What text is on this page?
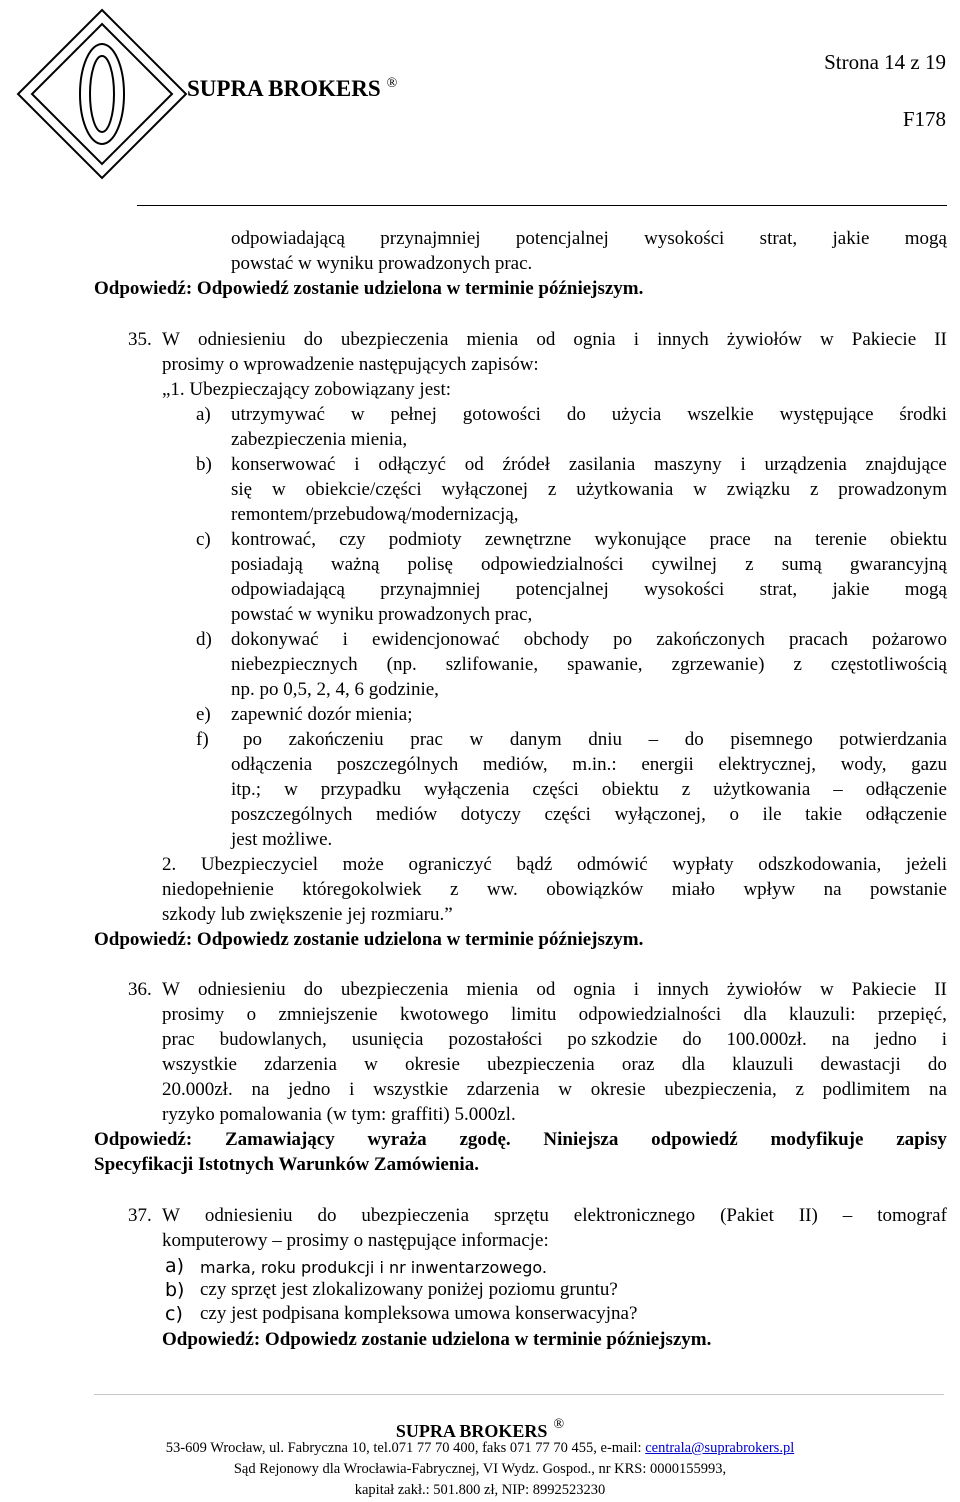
SUPRA BROKERS ®
Strona 14 z 19
F178
odpowiadającą przynajmniej potencjalnej wysokości strat, jakie mogą
powstać w wyniku prowadzonych prac.
Odpowiedź: Odpowiedź zostanie udzielona w terminie późniejszym.
35. W odniesieniu do ubezpieczenia mienia od ognia i innych żywiołów w Pakiecie II
prosimy o wprowadzenie następujących zapisów:
„1. Ubezpieczający zobowiązany jest:
a) utrzymywać w pełnej gotowości do użycia wszelkie występujące środki
zabezpieczenia mienia,
b) konserwować i odłączyć od źródeł zasilania maszyny i urządzenia znajdujące
się w obiekcie/części wyłączonej z użytkowania w związku z prowadzonym
remontem/przebudową/modernizacją,
c) kontrować, czy podmioty zewnętrzne wykonujące prace na terenie obiektu
posiadają ważną polisę odpowiedzialności cywilnej z sumą gwarancyjną
odpowiadającą przynajmniej potencjalnej wysokości strat, jakie mogą
powstać w wyniku prowadzonych prac,
d) dokonywać i ewidencjonować obchody po zakończonych pracach pożarowo
niebezpiecznych (np. szlifowanie, spawanie, zgrzewanie) z częstotliwością
np. po 0,5, 2, 4, 6 godzinie,
e) zapewnić dozór mienia;
f) po zakończeniu prac w danym dniu – do pisemnego potwierdzania
odłączenia poszczególnych mediów, m.in.: energii elektrycznej, wody, gazu
itp.; w przypadku wyłączenia części obiektu z użytkowania – odłączenie
poszczególnych mediów dotyczy części wyłączonej, o ile takie odłączenie
jest możliwe.
2. Ubezpieczyciel może ograniczyć bądź odmówić wypłaty odszkodowania, jeżeli
niedopełnienie któregokolwiek z ww. obowiązków miało wpływ na powstanie
szkody lub zwiększenie jej rozmiaru.”
Odpowiedź: Odpowiedz zostanie udzielona w terminie późniejszym.
36. W odniesieniu do ubezpieczenia mienia od ognia i innych żywiołów w Pakiecie II
prosimy o zmniejszenie kwotowego limitu odpowiedzialności dla klauzuli: przepięć,
prac budowlanych, usunięcia pozostałości po szkodzie do 100.000zł. na jedno i
wszystkie zdarzenia w okresie ubezpieczenia oraz dla klauzuli dewastacji do
20.000zł. na jedno i wszystkie zdarzenia w okresie ubezpieczenia, z podlimitem na
ryzyko pomalowania (w tym: graffiti) 5.000zl.
Odpowiedź: Zamawiający wyraża zgodę. Niniejsza odpowiedź modyfikuje zapisy
Specyfikacji Istotnych Warunków Zamówienia.
37. W odniesieniu do ubezpieczenia sprzętu elektronicznego (Pakiet II) – tomograf
komputerowy – prosimy o następujące informacje:
a) marka, roku produkcji i nr inwentarzowego.
b) czy sprzęt jest zlokalizowany poniżej poziomu gruntu?
c) czy jest podpisana kompleksowa umowa konserwacyjna?
Odpowiedź: Odpowiedz zostanie udzielona w terminie późniejszym.
SUPRA BROKERS ®
53-609 Wrocław, ul. Fabryczna 10, tel.071 77 70 400, faks 071 77 70 455, e-mail: centrala@suprabrokers.pl
Sąd Rejonowy dla Wrocławia-Fabrycznej, VI Wydz. Gospod., nr KRS: 0000155993,
kapitał zakł.: 501.800 zł, NIP: 8992523230
